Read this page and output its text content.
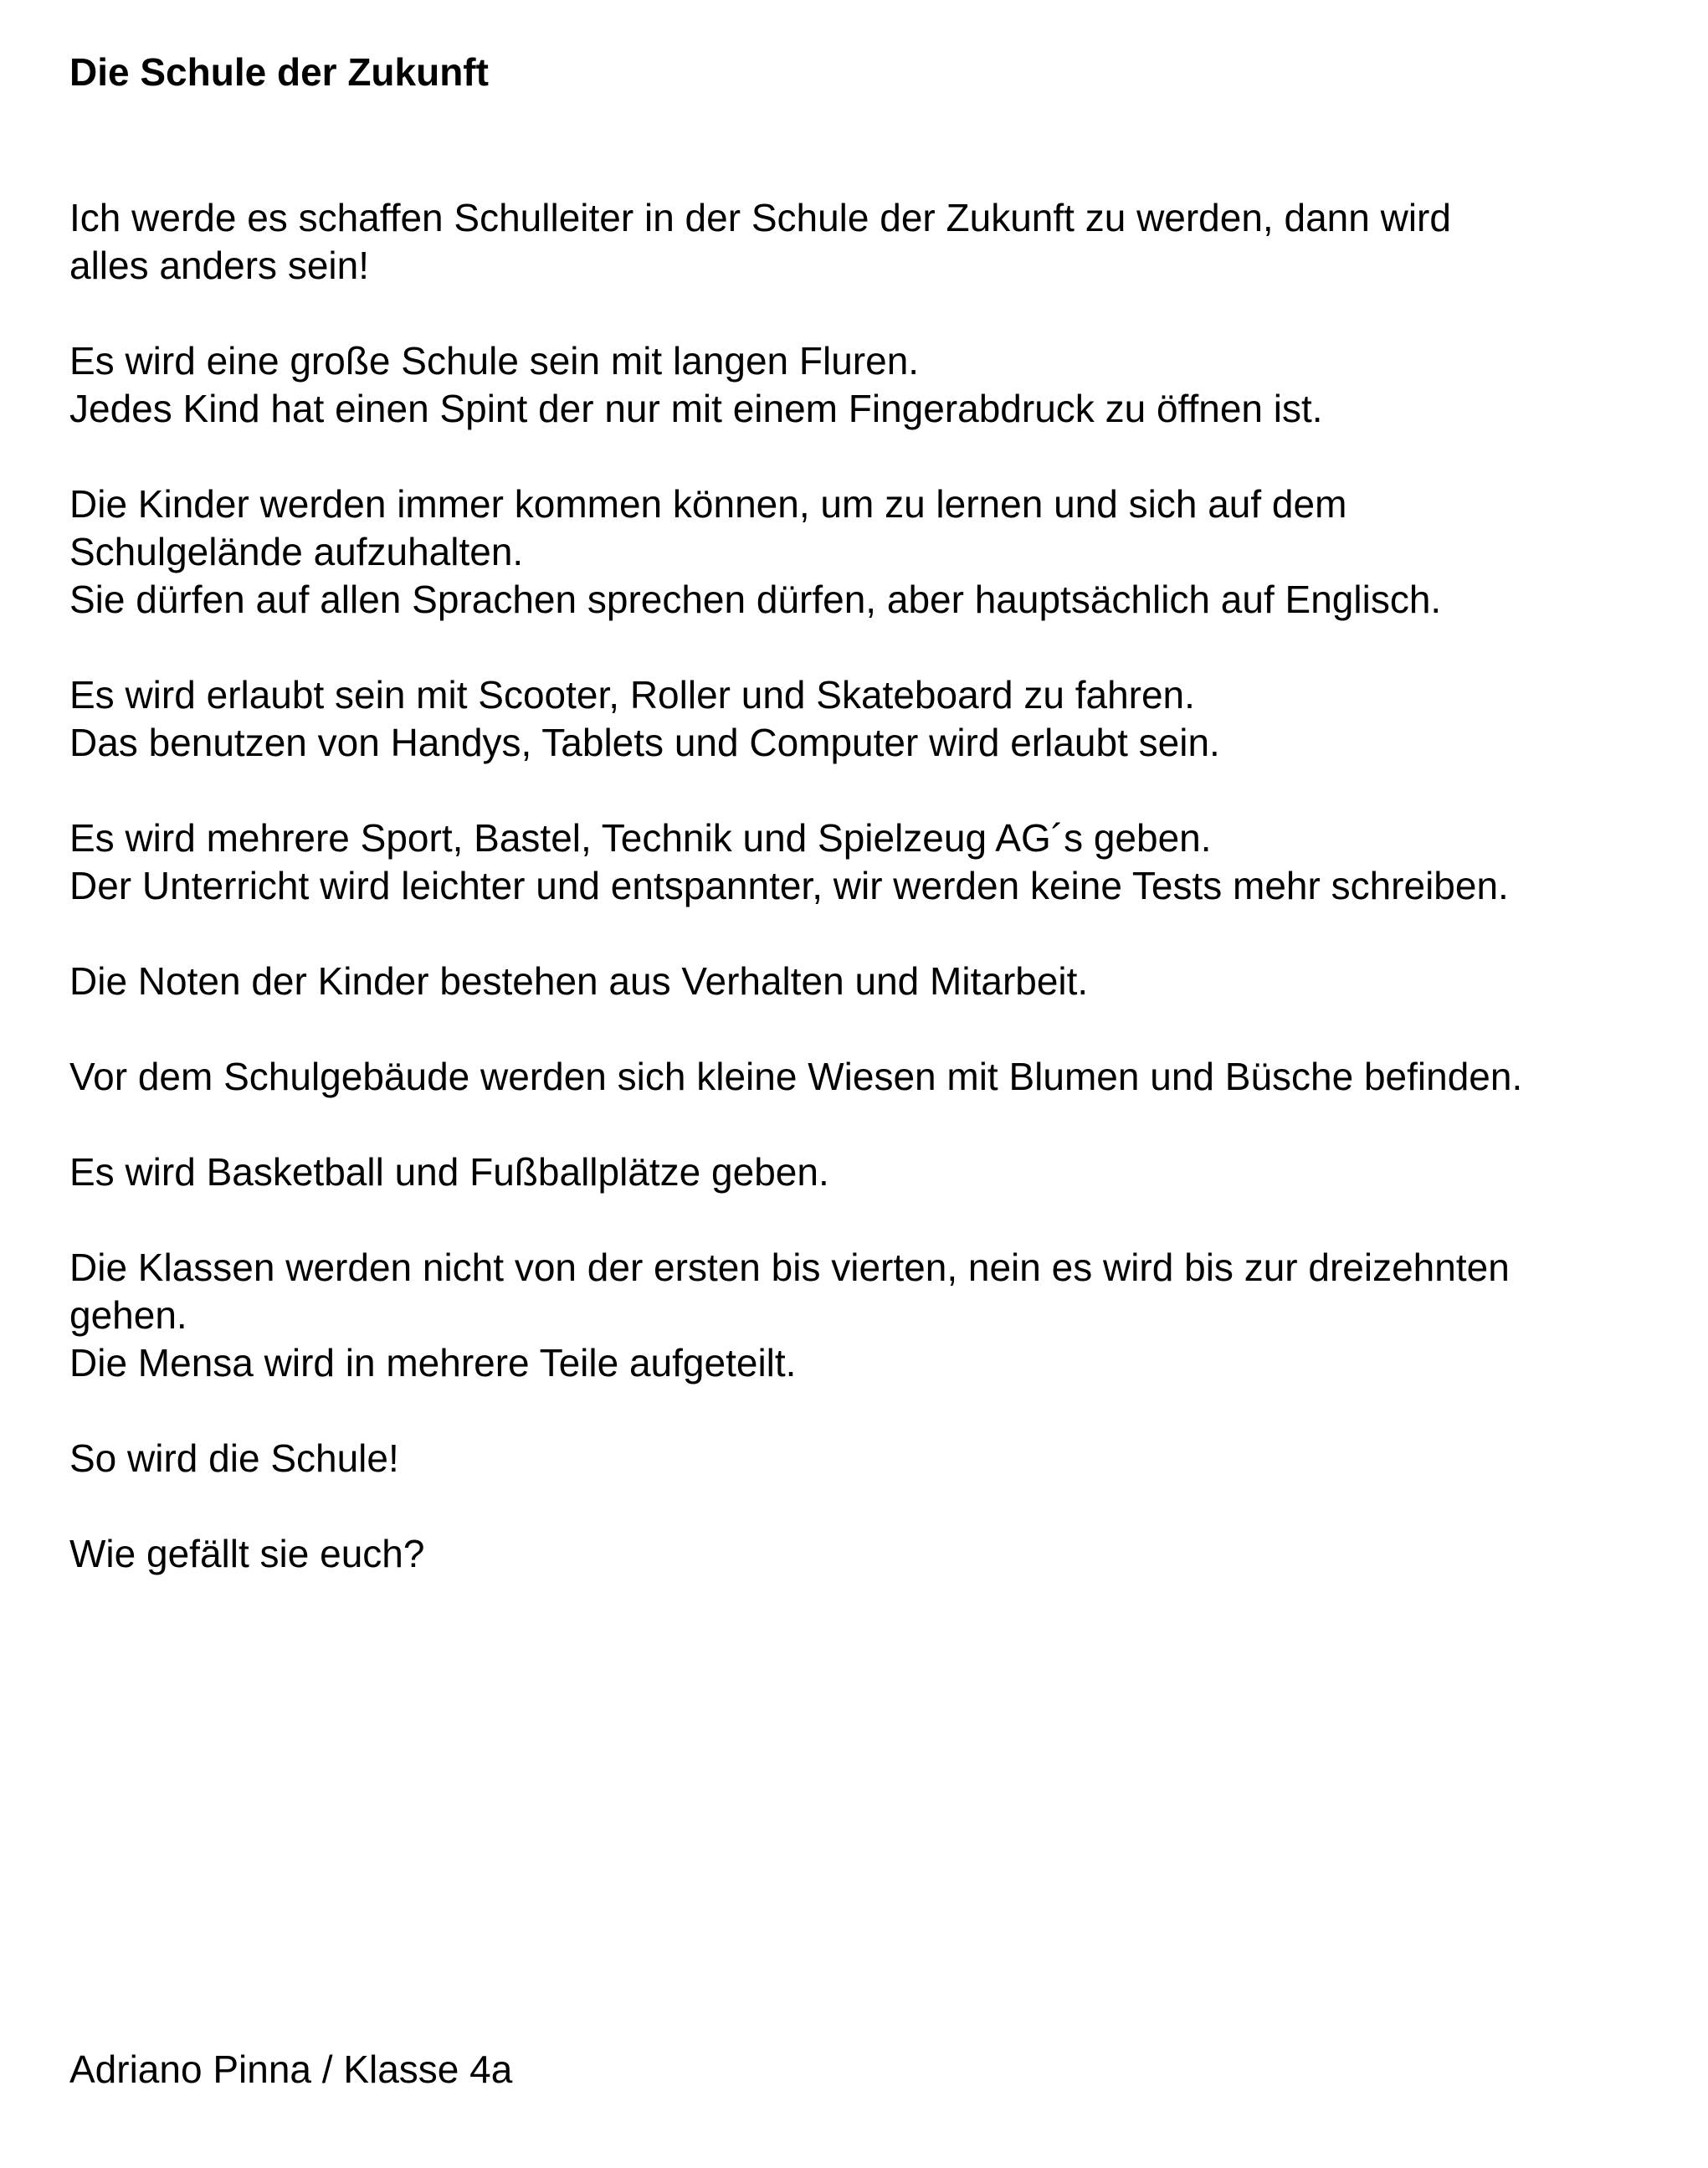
Die Schule der Zukunft

Ich werde es schaffen Schulleiter in der Schule der Zukunft zu werden, dann wird
alles anders sein!

Es wird eine große Schule sein mit langen Fluren.
Jedes Kind hat einen Spint der nur mit einem Fingerabdruck zu öffnen ist.

Die Kinder werden immer kommen können, um zu lernen und sich auf dem
Schulgelände aufzuhalten.
Sie dürfen auf allen Sprachen sprechen dürfen, aber hauptsächlich auf Englisch.

Es wird erlaubt sein mit Scooter, Roller und Skateboard zu fahren.
Das benutzen von Handys, Tablets und Computer wird erlaubt sein.

Es wird mehrere Sport, Bastel, Technik und Spielzeug AG´s geben.
Der Unterricht wird leichter und entspannter, wir werden keine Tests mehr schreiben.

Die Noten der Kinder bestehen aus Verhalten und Mitarbeit.

Vor dem Schulgebäude werden sich kleine Wiesen mit Blumen und Büsche befinden.

Es wird Basketball und Fußballplätze geben.

Die Klassen werden nicht von der ersten bis vierten, nein es wird bis zur dreizehnten
gehen.
Die Mensa wird in mehrere Teile aufgeteilt.

So wird die Schule!

Wie gefällt sie euch?

Adriano Pinna / Klasse 4a
